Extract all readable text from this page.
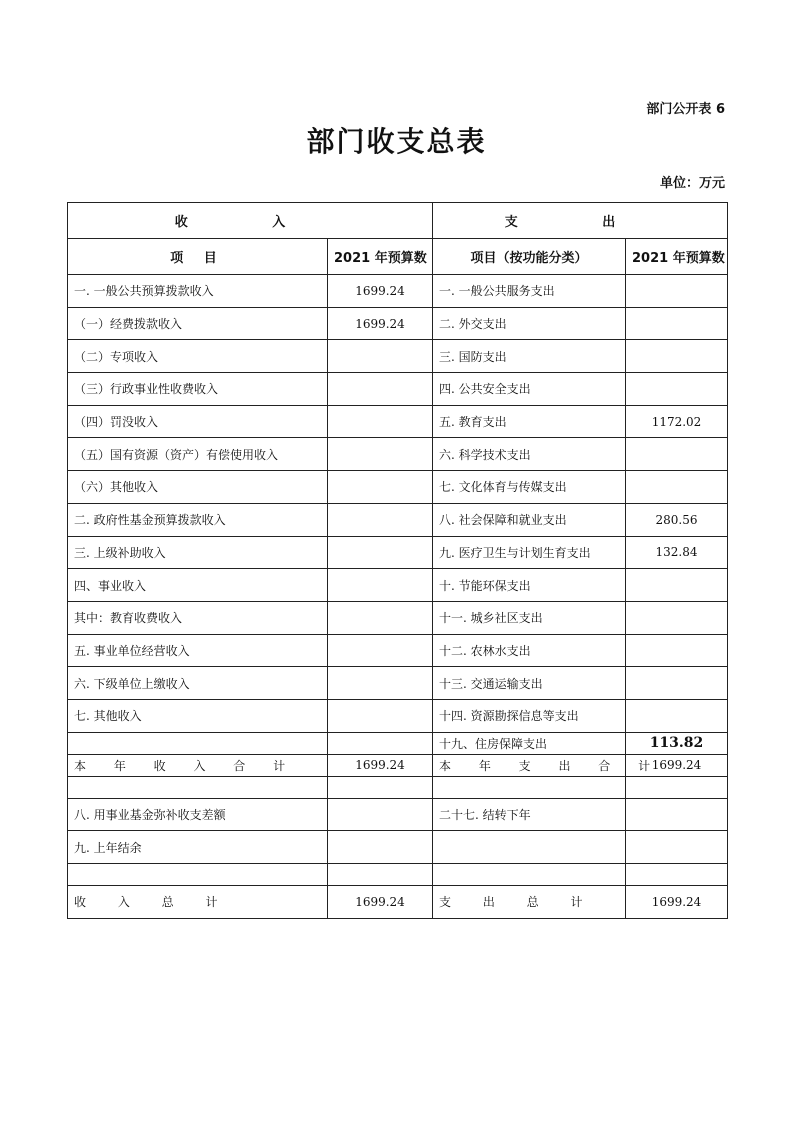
部门公开表 6
部门收支总表
单位：万元
收 入		支 出	
项 目	2021 年预算数	项目（按功能分类）	2021 年预算数
一. 一般公共预算拨款收入	1699.24	一. 一般公共服务支出	
（一）经费拨款收入	1699.24	二. 外交支出	
（二）专项收入		三. 国防支出	
（三）行政事业性收费收入		四. 公共安全支出	
（四）罚没收入		五. 教育支出	1172.02
（五）国有资源（资产）有偿使用收入		六. 科学技术支出	
（六）其他收入		七. 文化体育与传媒支出	
二. 政府性基金预算拨款收入		八. 社会保障和就业支出	280.56
三. 上级补助收入		九. 医疗卫生与计划生育支出	132.84
四、事业收入		十. 节能环保支出	
其中：教育收费收入		十一. 城乡社区支出	
五. 事业单位经营收入		十二. 农林水支出	
六. 下级单位上缴收入		十三. 交通运输支出	
七. 其他收入		十四. 资源勘探信息等支出	
		十九、住房保障支出	113.82
本 年 收 入 合 计	1699.24	本 年 支 出 合 计	1699.24

八. 用事业基金弥补收支差额		二十七. 结转下年	
九. 上年结余			

收 入 总 计	1699.24	支 出 总 计	1699.24
